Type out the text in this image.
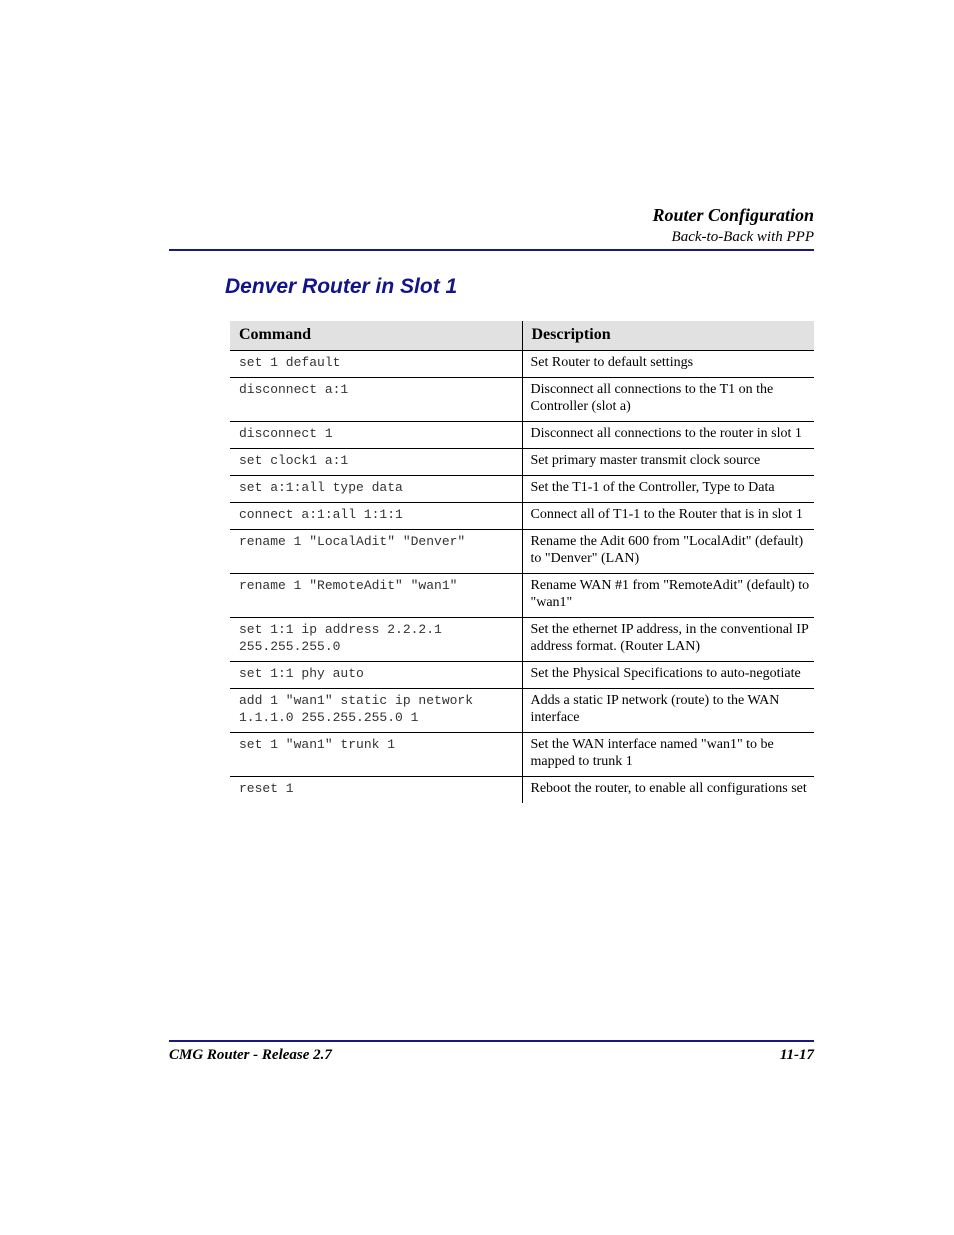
Router Configuration
Back-to-Back with PPP
Denver Router in Slot 1
Command	Description
set 1 default	Set Router to default settings
disconnect a:1	Disconnect all connections to the T1 on the Controller (slot a)
disconnect 1	Disconnect all connections to the router in slot 1
set clock1 a:1	Set primary master transmit clock source
set a:1:all type data	Set the T1-1 of the Controller, Type to Data
connect a:1:all 1:1:1	Connect all of T1-1 to the Router that is in slot 1
rename 1 "LocalAdit" "Denver"	Rename the Adit 600 from "LocalAdit" (default) to "Denver" (LAN)
rename 1 "RemoteAdit" "wan1"	Rename WAN #1 from "RemoteAdit" (default) to "wan1"
set 1:1 ip address 2.2.2.1 255.255.255.0	Set the ethernet IP address, in the conventional IP address format. (Router LAN)
set 1:1 phy auto	Set the Physical Specifications to auto-negotiate
add 1 "wan1" static ip network 1.1.1.0 255.255.255.0 1	Adds a static IP network (route) to the WAN interface
set 1 "wan1" trunk 1	Set the WAN interface named "wan1" to be mapped to trunk 1
reset 1	Reboot the router, to enable all configurations set
CMG Router - Release 2.7	11-17
